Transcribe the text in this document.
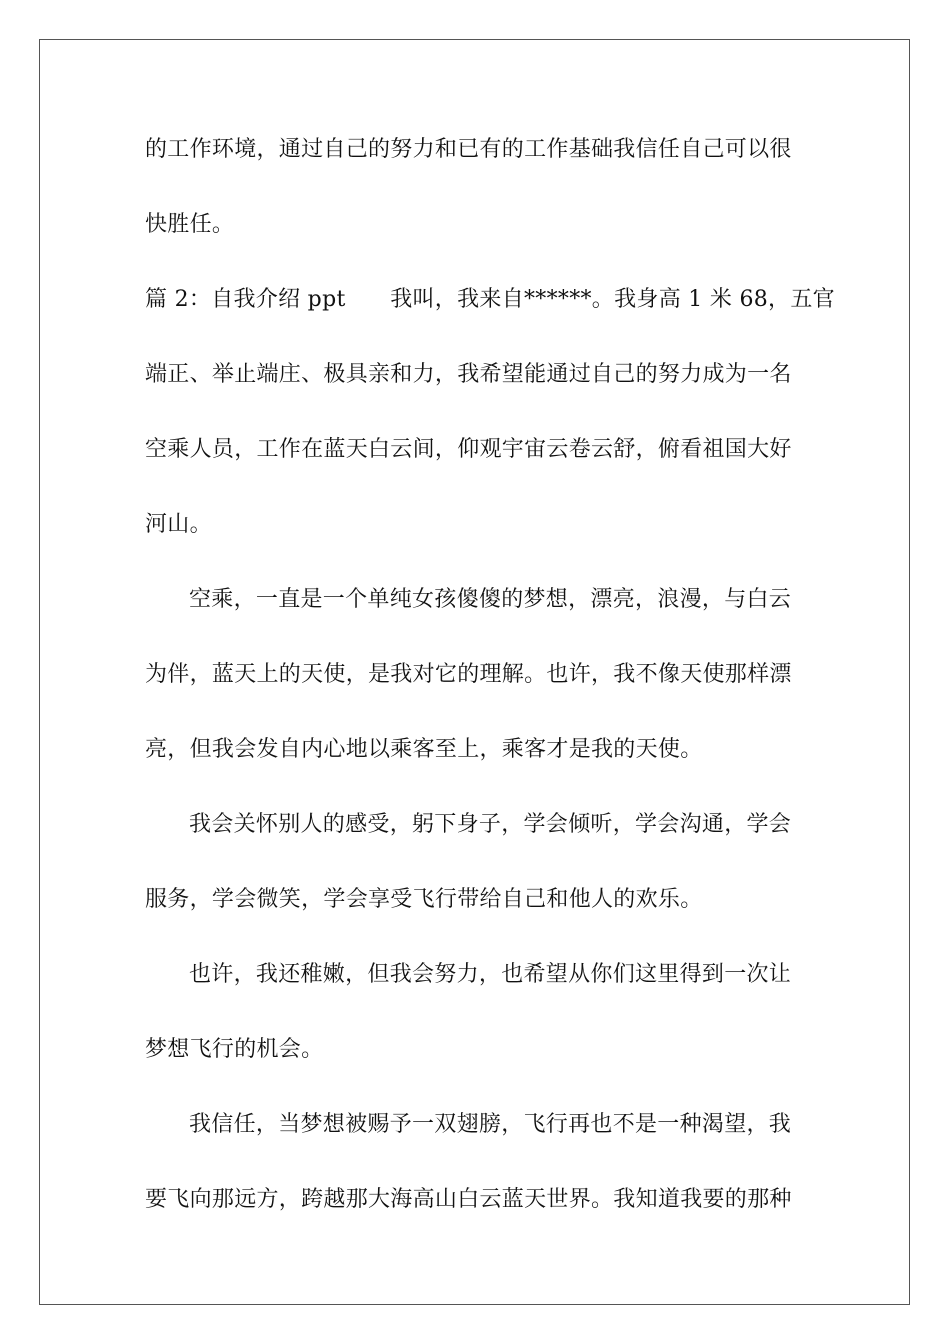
的工作环境，通过自己的努力和已有的工作基础我信任自己可以很
快胜任。
篇 2：自我介绍 ppt　　我叫，我来自******。我身高 1 米 68，五官
端正、举止端庄、极具亲和力，我希望能通过自己的努力成为一名
空乘人员，工作在蓝天白云间，仰观宇宙云卷云舒，俯看祖国大好
河山。
空乘，一直是一个单纯女孩傻傻的梦想，漂亮，浪漫，与白云
为伴，蓝天上的天使，是我对它的理解。也许，我不像天使那样漂
亮，但我会发自内心地以乘客至上，乘客才是我的天使。
我会关怀别人的感受，躬下身子，学会倾听，学会沟通，学会
服务，学会微笑，学会享受飞行带给自己和他人的欢乐。
也许，我还稚嫩，但我会努力，也希望从你们这里得到一次让
梦想飞行的机会。
我信任，当梦想被赐予一双翅膀，飞行再也不是一种渴望，我
要飞向那远方，跨越那大海高山白云蓝天世界。我知道我要的那种
